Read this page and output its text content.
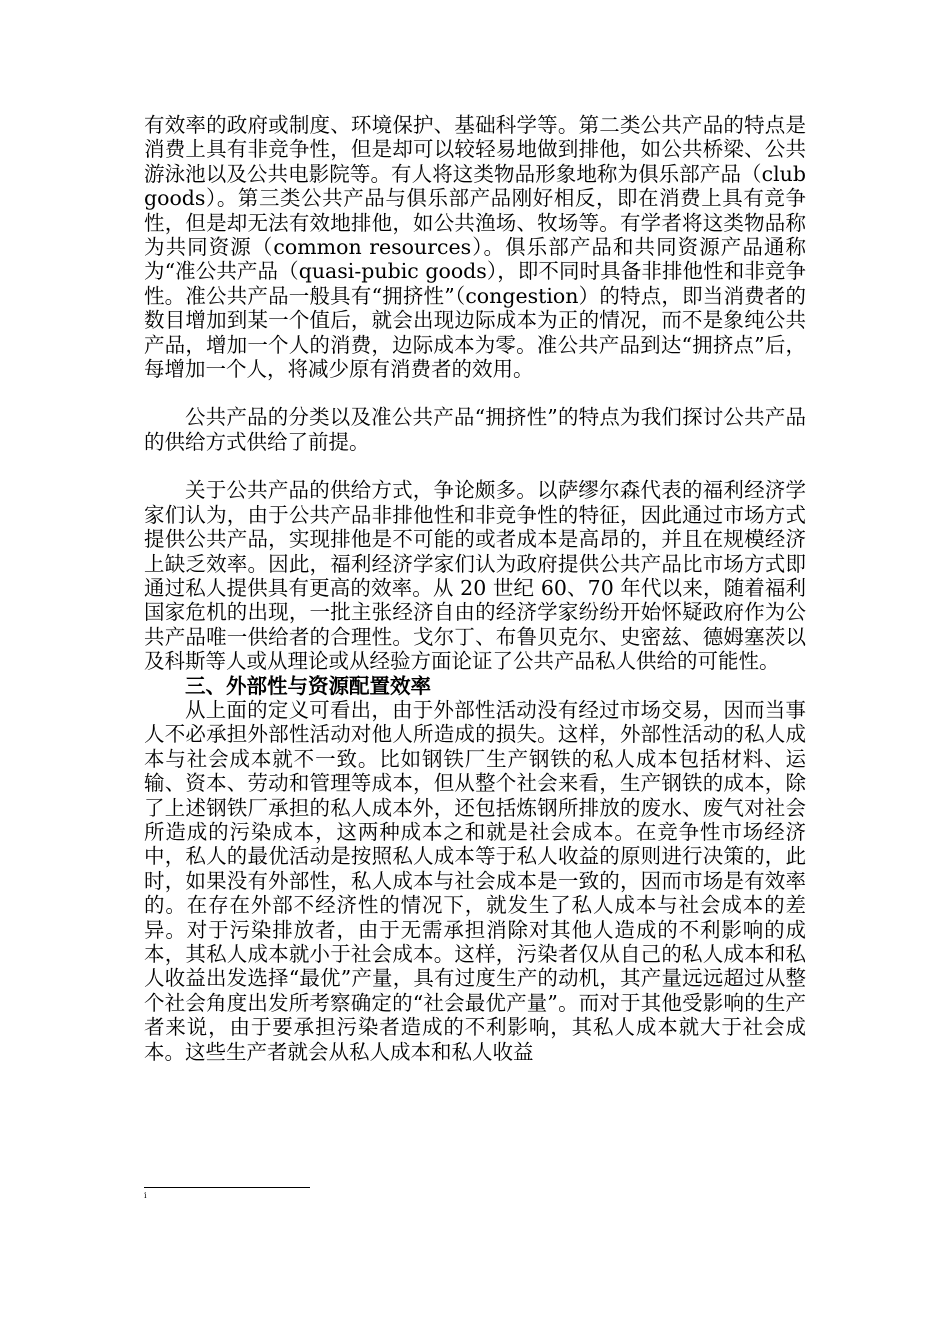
有效率的政府或制度、环境保护、基础科学等。第二类公共产品的特点是消费上具有非竞争性，但是却可以较轻易地做到排他，如公共桥梁、公共游泳池以及公共电影院等。有人将这类物品形象地称为俱乐部产品（club goods）。第三类公共产品与俱乐部产品刚好相反，即在消费上具有竞争性，但是却无法有效地排他，如公共渔场、牧场等。有学者将这类物品称为共同资源（common resources）。俱乐部产品和共同资源产品通称为“准公共产品（quasi-pubic goods），即不同时具备非排他性和非竞争性。准公共产品一般具有“拥挤性”（congestion）的特点，即当消费者的数目增加到某一个值后，就会出现边际成本为正的情况，而不是象纯公共产品，增加一个人的消费，边际成本为零。准公共产品到达“拥挤点”后，每增加一个人，将减少原有消费者的效用。

公共产品的分类以及准公共产品“拥挤性”的特点为我们探讨公共产品的供给方式供给了前提。

关于公共产品的供给方式，争论颇多。以萨缪尔森代表的福利经济学家们认为，由于公共产品非排他性和非竞争性的特征，因此通过市场方式提供公共产品，实现排他是不可能的或者成本是高昂的，并且在规模经济上缺乏效率。因此，福利经济学家们认为政府提供公共产品比市场方式即通过私人提供具有更高的效率。从 20 世纪 60、70 年代以来，随着福利国家危机的出现，一批主张经济自由的经济学家纷纷开始怀疑政府作为公共产品唯一供给者的合理性。戈尔丁、布鲁贝克尔、史密兹、德姆塞茨以及科斯等人或从理论或从经验方面论证了公共产品私人供给的可能性。

三、外部性与资源配置效率

从上面的定义可看出，由于外部性活动没有经过市场交易，因而当事人不必承担外部性活动对他人所造成的损失。这样，外部性活动的私人成本与社会成本就不一致。比如钢铁厂生产钢铁的私人成本包括材料、运输、资本、劳动和管理等成本，但从整个社会来看，生产钢铁的成本，除了上述钢铁厂承担的私人成本外，还包括炼钢所排放的废水、废气对社会所造成的污染成本，这两种成本之和就是社会成本。在竞争性市场经济中，私人的最优活动是按照私人成本等于私人收益的原则进行决策的，此时，如果没有外部性，私人成本与社会成本是一致的，因而市场是有效率的。在存在外部不经济性的情况下，就发生了私人成本与社会成本的差异。对于污染排放者，由于无需承担消除对其他人造成的不利影响的成本，其私人成本就小于社会成本。这样，污染者仅从自己的私人成本和私人收益出发选择“最优”产量，具有过度生产的动机，其产量远远超过从整个社会角度出发所考察确定的“社会最优产量”。而对于其他受影响的生产者来说，由于要承担污染者造成的不利影响，其私人成本就大于社会成本。这些生产者就会从私人成本和私人收益

i
